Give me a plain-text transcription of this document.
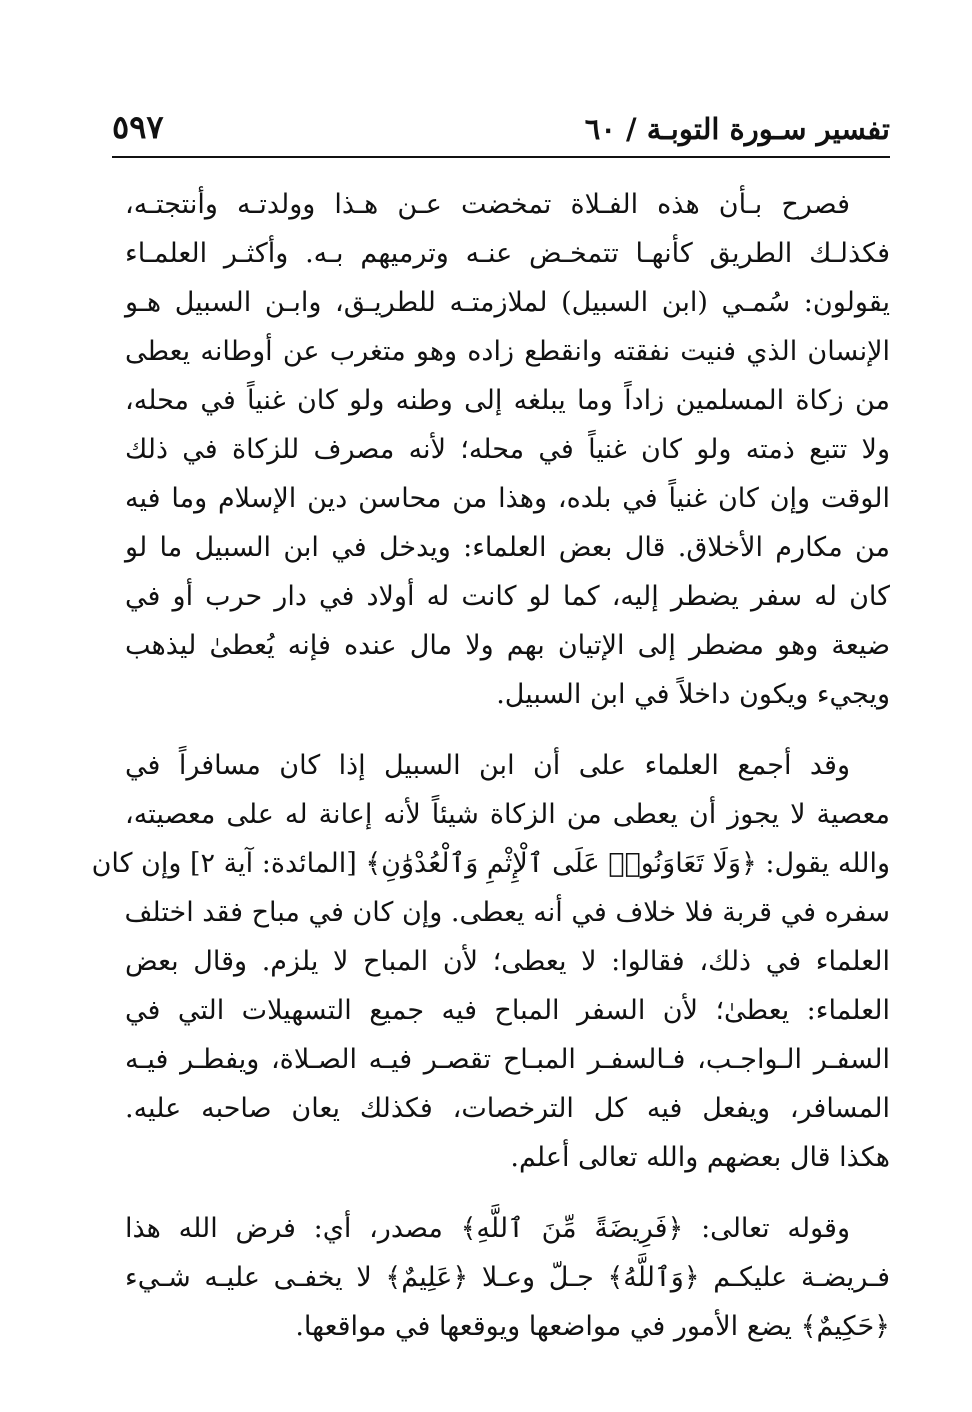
تفسير سـورة التوبـة / ٦٠
٥٩٧
فصرح بـأن هذه الفـلاة تمخضت عـن هـذا وولدتـه وأنتجتـه،
فكذلـك الطريق كأنهـا تتمخـض عنـه وترميهم بـه. وأكثـر العلمـاء
يقولون: سُمـي (ابن السبيل) لملازمتـه للطريـق، وابـن السبيل هـو
الإنسان الذي فنيت نفقته وانقطع زاده وهو متغرب عن أوطانه يعطى
من زكاة المسلمين زاداً وما يبلغه إلى وطنه ولو كان غنياً في محله،
ولا تتبع ذمته ولو كان غنياً في محله؛ لأنه مصرف للزكاة في ذلك
الوقت وإن كان غنياً في بلده، وهذا من محاسن دين الإسلام وما فيه
من مكارم الأخلاق. قال بعض العلماء: ويدخل في ابن السبيل ما لو
كان له سفر يضطر إليه، كما لو كانت له أولاد في دار حرب أو في
ضيعة وهو مضطر إلى الإتيان بهم ولا مال عنده فإنه يُعطىٰ ليذهب
ويجيء ويكون داخلاً في ابن السبيل.
وقد أجمع العلماء على أن ابن السبيل إذا كان مسافراً في
معصية لا يجوز أن يعطى من الزكاة شيئاً لأنه إعانة له على معصيته،
والله يقول: ﴿وَلَا تَعَاوَنُوا۟ عَلَى ٱلْإِثْمِ وَٱلْعُدْوَٰنِ﴾ [المائدة: آية ٢] وإن كان
سفره في قربة فلا خلاف في أنه يعطى. وإن كان في مباح فقد اختلف
العلماء في ذلك، فقالوا: لا يعطى؛ لأن المباح لا يلزم. وقال بعض
العلماء: يعطىٰ؛ لأن السفر المباح فيه جميع التسهيلات التي في
السفـر الـواجـب، فـالسفـر المبـاح تقصـر فيـه الصـلاة، ويفطـر فيـه
المسافر، ويفعل فيه كل الترخصات، فكذلك يعان صاحبه عليه.
هكذا قال بعضهم والله تعالى أعلم.
وقوله تعالى: ﴿فَرِيضَةً مِّنَ ٱللَّهِ﴾ مصدر، أي: فرض الله هذا
فـريضـة عليكـم ﴿وَٱللَّهُ﴾ جـلّ وعـلا ﴿عَلِيمٌ﴾ لا يخفـى عليـه شـيء
﴿حَكِيمٌ﴾ يضع الأمور في مواضعها ويوقعها في مواقعها.
